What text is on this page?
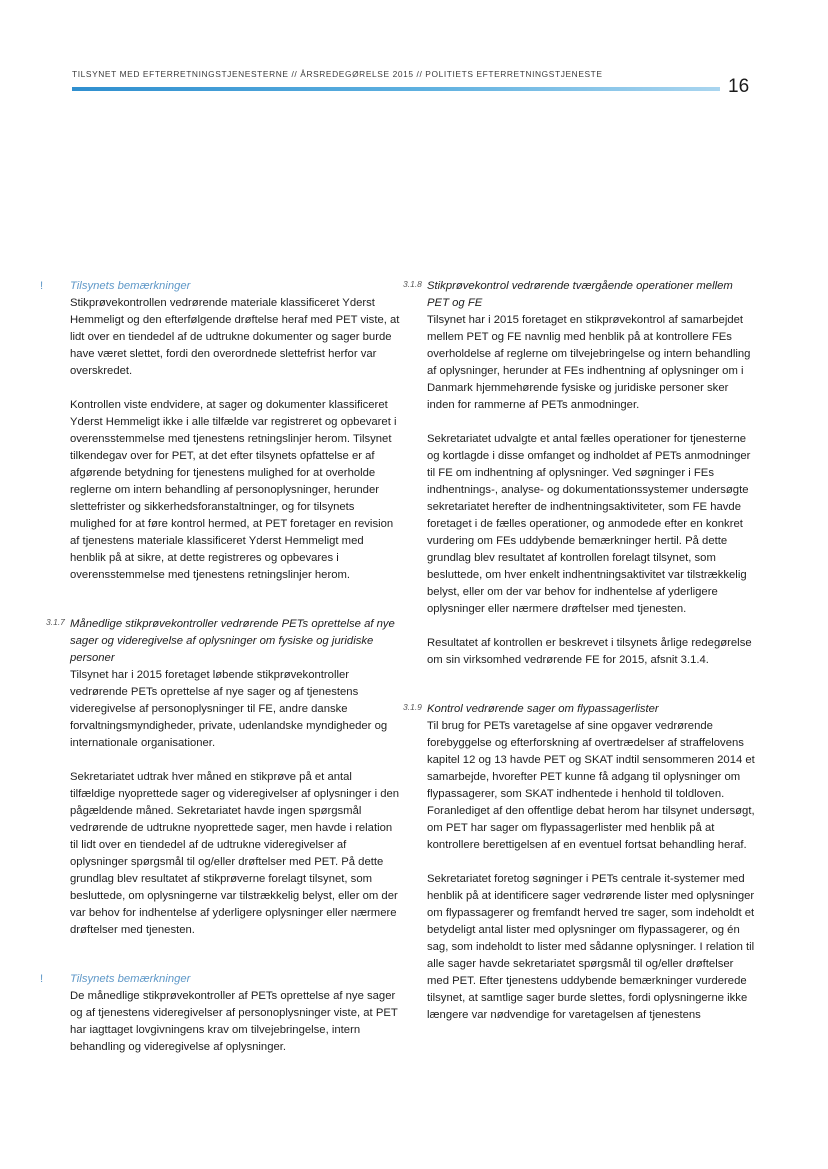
TILSYNET MED EFTERRETNINGSTJENESTERNE // ÅRSREDEGØRELSE 2015 // POLITIETS EFTERRETNINGSTJENESTE
16
! Tilsynets bemærkninger

Stikprøvekontrollen vedrørende materiale klassificeret Yderst Hemmeligt og den efterfølgende drøftelse heraf med PET viste, at lidt over en tiendedel af de udtrukne dokumenter og sager burde have været slettet, fordi den overordnede slettefrist herfor var overskredet.

Kontrollen viste endvidere, at sager og dokumenter klassificeret Yderst Hemmeligt ikke i alle tilfælde var registreret og opbevaret i overensstemmelse med tjenestens retningslinjer herom. Tilsynet tilkendegav over for PET, at det efter tilsynets opfattelse er af afgørende betydning for tjenestens mulighed for at overholde reglerne om intern behandling af personoplysninger, herunder slettefrister og sikkerhedsforanstaltninger, og for tilsynets mulighed for at føre kontrol hermed, at PET foretager en revision af tjenestens materiale klassificeret Yderst Hemmeligt med henblik på at sikre, at dette registreres og opbevares i overensstemmelse med tjenestens retningslinjer herom.

3.1.7 Månedlige stikprøvekontroller vedrørende PETs oprettelse af nye sager og videregivelse af oplysninger om fysiske og juridiske personer

Tilsynet har i 2015 foretaget løbende stikprøvekontroller vedrørende PETs oprettelse af nye sager og af tjenestens videregivelse af personoplysninger til FE, andre danske forvaltningsmyndigheder, private, udenlandske myndigheder og internationale organisationer.

Sekretariatet udtrak hver måned en stikprøve på et antal tilfældige nyoprettede sager og videregivelser af oplysninger i den pågældende måned. Sekretariatet havde ingen spørgsmål vedrørende de udtrukne nyoprettede sager, men havde i relation til lidt over en tiendedel af de udtrukne videregivelser af oplysninger spørgsmål til og/eller drøftelser med PET. På dette grundlag blev resultatet af stikprøverne forelagt tilsynet, som besluttede, om oplysningerne var tilstrækkelig belyst, eller om der var behov for indhentelse af yderligere oplysninger eller nærmere drøftelser med tjenesten.

! Tilsynets bemærkninger

De månedlige stikprøvekontroller af PETs oprettelse af nye sager og af tjenestens videregivelser af personoplysninger viste, at PET har iagttaget lovgivningens krav om tilvejebringelse, intern behandling og videregivelse af oplysninger.

3.1.8 Stikprøvekontrol vedrørende tværgående operationer mellem PET og FE

Tilsynet har i 2015 foretaget en stikprøvekontrol af samarbejdet mellem PET og FE navnlig med henblik på at kontrollere FEs overholdelse af reglerne om tilvejebringelse og intern behandling af oplysninger, herunder at FEs indhentning af oplysninger om i Danmark hjemmehørende fysiske og juridiske personer sker inden for rammerne af PETs anmodninger.

Sekretariatet udvalgte et antal fælles operationer for tjenesterne og kortlagde i disse omfanget og indholdet af PETs anmodninger til FE om indhentning af oplysninger. Ved søgninger i FEs indhentnings-, analyse- og dokumentationssystemer undersøgte sekretariatet herefter de indhentningsaktiviteter, som FE havde foretaget i de fælles operationer, og anmodede efter en konkret vurdering om FEs uddybende bemærkninger hertil. På dette grundlag blev resultatet af kontrollen forelagt tilsynet, som besluttede, om hver enkelt indhentningsaktivitet var tilstrækkelig belyst, eller om der var behov for indhentelse af yderligere oplysninger eller nærmere drøftelser med tjenesten.

Resultatet af kontrollen er beskrevet i tilsynets årlige redegørelse om sin virksomhed vedrørende FE for 2015, afsnit 3.1.4.

3.1.9 Kontrol vedrørende sager om flypassagerlister

Til brug for PETs varetagelse af sine opgaver vedrørende forebyggelse og efterforskning af overtrædelser af straffelovens kapitel 12 og 13 havde PET og SKAT indtil sensommeren 2014 et samarbejde, hvorefter PET kunne få adgang til oplysninger om flypassagerer, som SKAT indhentede i henhold til toldloven. Foranlediget af den offentlige debat herom har tilsynet undersøgt, om PET har sager om flypassagerlister med henblik på at kontrollere berettigelsen af en eventuel fortsat behandling heraf.

Sekretariatet foretog søgninger i PETs centrale it-systemer med henblik på at identificere sager vedrørende lister med oplysninger om flypassagerer og fremfandt herved tre sager, som indeholdt et betydeligt antal lister med oplysninger om flypassagerer, og én sag, som indeholdt to lister med sådanne oplysninger. I relation til alle sager havde sekretariatet spørgsmål til og/eller drøftelser med PET. Efter tjenestens uddybende bemærkninger vurderede tilsynet, at samtlige sager burde slettes, fordi oplysningerne ikke længere var nødvendige for varetagelsen af tjenestens
